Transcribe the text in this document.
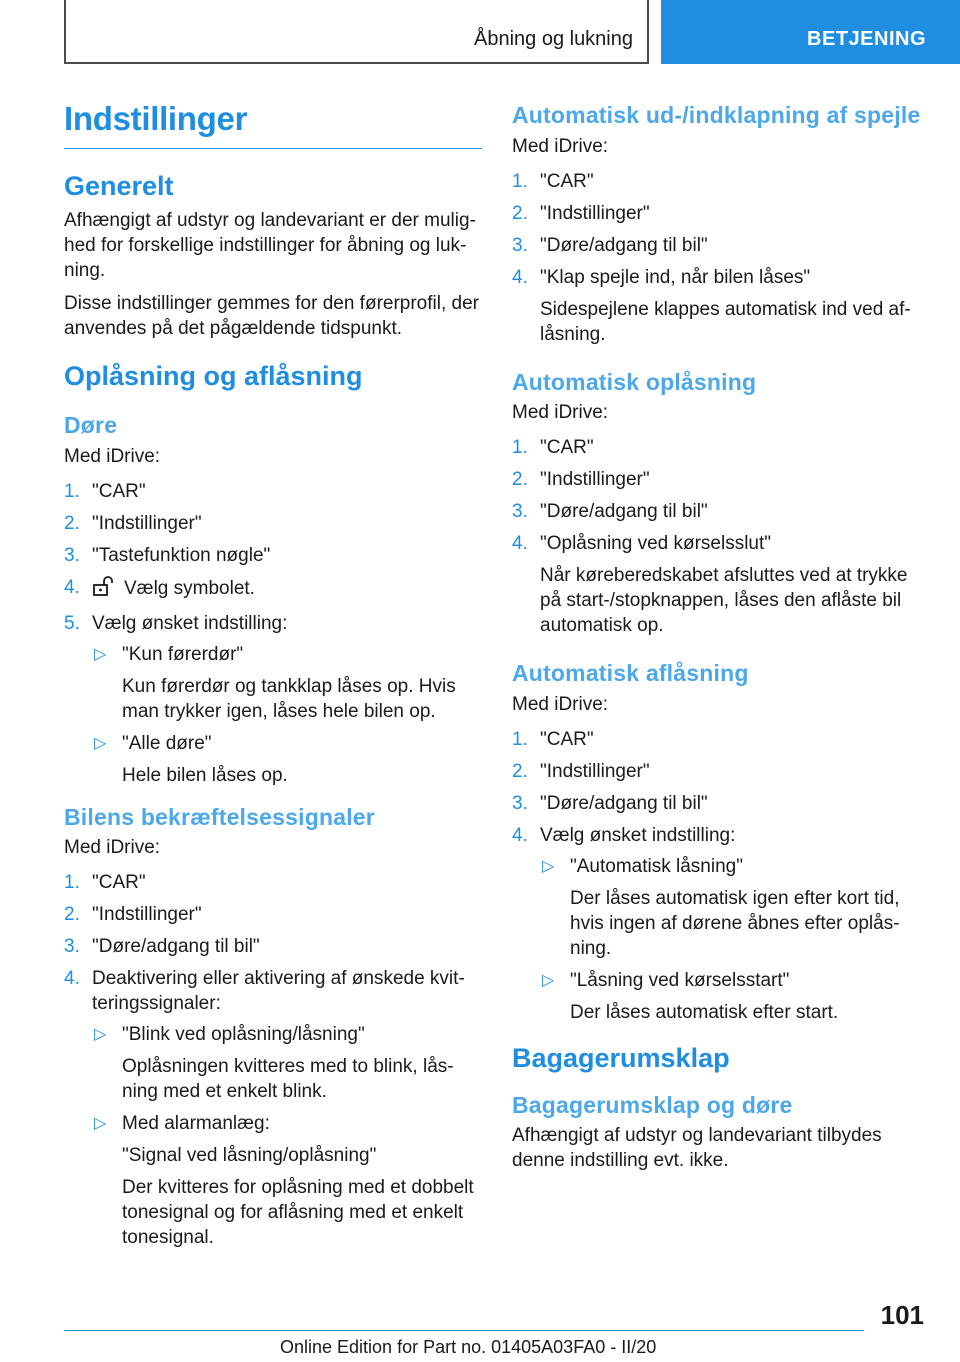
Åbning og lukning	BETJENING
Indstillinger
Generelt

Afhængigt af udstyr og landevariant er der mulighed for forskellige indstillinger for åbning og lukning.

Disse indstillinger gemmes for den førerprofil, der anvendes på det pågældende tidspunkt.

Oplåsning og aflåsning
Døre

Med iDrive:

1. "CAR"
2. "Indstillinger"
3. "Tastefunktion nøgle"
4. Vælg symbolet.
5. Vælg ønsket indstilling:
▷ "Kun førerdør"
Kun førerdør og tankklap låses op. Hvis man trykker igen, låses hele bilen op.
▷ "Alle døre"
Hele bilen låses op.
Bilens bekræftelsessignaler

Med iDrive:

1. "CAR"
2. "Indstillinger"
3. "Døre/adgang til bil"
4. Deaktivering eller aktivering af ønskede kvitteringssignaler:
▷ "Blink ved oplåsning/låsning"
Oplåsningen kvitteres med to blink, låsning med et enkelt blink.
▷ Med alarmanlæg:
"Signal ved låsning/oplåsning"
Der kvitteres for oplåsning med et dobbelt tonesignal og for aflåsning med et enkelt tonesignal.
Automatisk ud-/indklapning af spejle

Med iDrive:

1. "CAR"
2. "Indstillinger"
3. "Døre/adgang til bil"
4. "Klap spejle ind, når bilen låses"
Sidespejlene klappes automatisk ind ved aflåsning.
Automatisk oplåsning

Med iDrive:

1. "CAR"
2. "Indstillinger"
3. "Døre/adgang til bil"
4. "Oplåsning ved kørselsslut"
Når køreberedskabet afsluttes ved at trykke på start-/stopknappen, låses den aflåste bil automatisk op.
Automatisk aflåsning

Med iDrive:

1. "CAR"
2. "Indstillinger"
3. "Døre/adgang til bil"
4. Vælg ønsket indstilling:
▷ "Automatisk låsning"
Der låses automatisk igen efter kort tid, hvis ingen af dørene åbnes efter oplåsning.
▷ "Låsning ved kørselsstart"
Der låses automatisk efter start.
Bagagerumsklap
Bagagerumsklap og døre

Afhængigt af udstyr og landevariant tilbydes denne indstilling evt. ikke.

101
Online Edition for Part no. 01405A03FA0 - II/20
